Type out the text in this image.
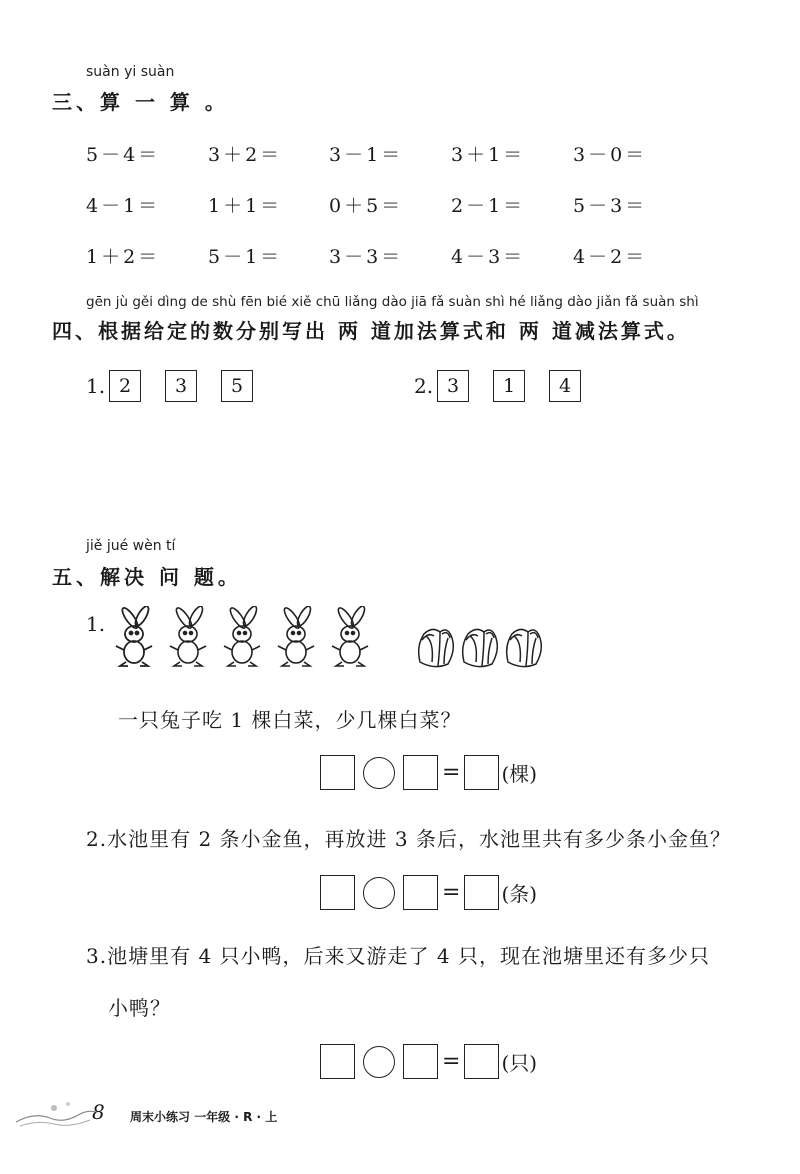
suàn yi suàn
三、算 一 算 。
5－4＝	3＋2＝ 3－1＝	3＋1＝	3－0＝
4－1＝	1＋1＝ 0＋5＝	2－1＝	5－3＝
1＋2＝	5－1＝ 3－3＝	4－3＝	4－2＝
gēn jù gěi dìng de shù fēn bié xiě chū liǎng dào jiā fǎ suàn shì hé liǎng dào jiǎn fǎ suàn shì
四、根据给定的数分别写出 两 道加法算式和 两 道减法算式。
1. 2	3	5	2. 3	1	4
jiě jué wèn tí
五、解决 问 题。
1.
一只兔子吃 1 棵白菜，少几棵白菜？
= (棵)
2.水池里有 2 条小金鱼，再放进 3 条后，水池里共有多少条小金鱼？
= (条)
3.池塘里有 4 只小鸭，后来又游走了 4 只，现在池塘里还有多少只
小鸭？
= (只)
8 周末小练习 一年级 · R · 上
